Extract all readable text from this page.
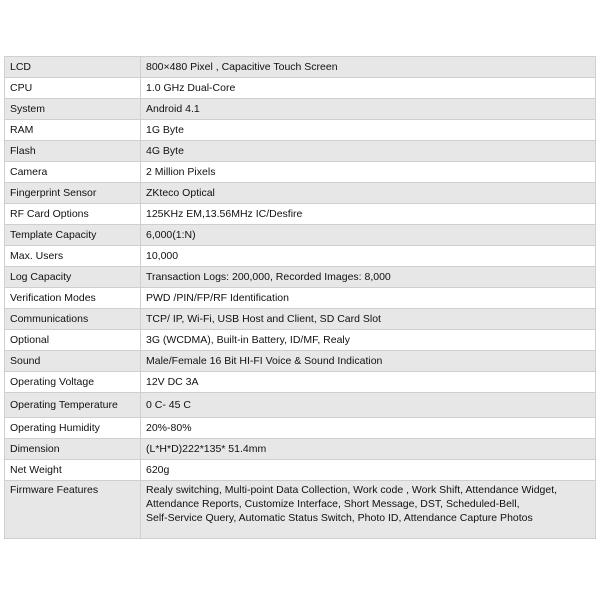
LCD	800×480 Pixel , Capacitive Touch Screen
CPU	1.0 GHz Dual-Core
System	Android 4.1
RAM	1G Byte
Flash	4G Byte
Camera	2 Million Pixels
Fingerprint Sensor	ZKteco Optical
RF Card Options	125KHz EM,13.56MHz IC/Desfire
Template Capacity	6,000(1:N)
Max. Users	10,000
Log Capacity	Transaction Logs: 200,000, Recorded Images: 8,000
Verification Modes	PWD /PIN/FP/RF Identification
Communications	TCP/ IP, Wi-Fi, USB Host and Client, SD Card Slot
Optional	3G (WCDMA), Built-in Battery, ID/MF, Realy
Sound	Male/Female 16 Bit HI-FI Voice & Sound Indication
Operating Voltage	12V DC 3A
Operating Temperature	0 C- 45 C
Operating Humidity	20%-80%
Dimension	(L*H*D)222*135* 51.4mm
Net Weight	620g
Firmware Features	Realy switching, Multi-point Data Collection, Work code , Work Shift, Attendance Widget,
Attendance Reports, Customize Interface, Short Message, DST, Scheduled-Bell,
Self-Service Query, Automatic Status Switch, Photo ID, Attendance Capture Photos
